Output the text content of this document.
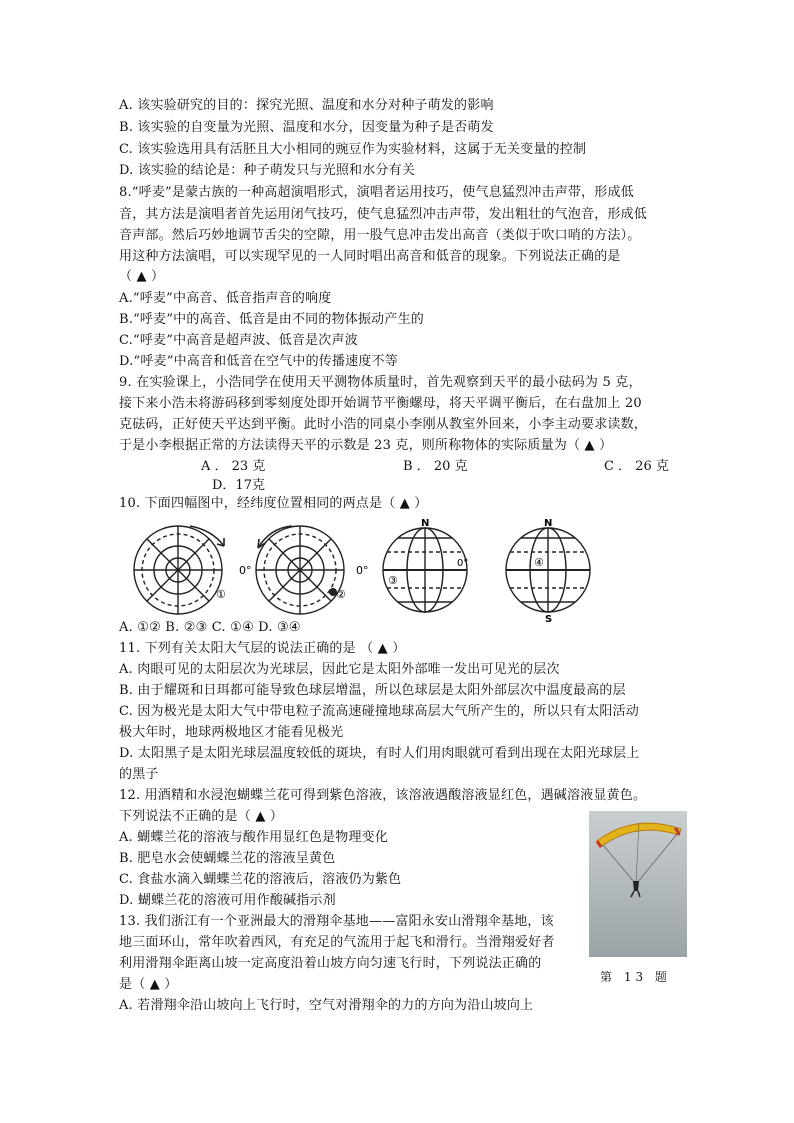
A. 该实验研究的目的：探究光照、温度和水分对种子萌发的影响
B. 该实验的自变量为光照、温度和水分，因变量为种子是否萌发
C. 该实验选用具有活胚且大小相同的豌豆作为实验材料，这属于无关变量的控制
D. 该实验的结论是：种子萌发只与光照和水分有关
8.“呼麦”是蒙古族的一种高超演唱形式，演唱者运用技巧，使气息猛烈冲击声带，形成低
音，其方法是演唱者首先运用闭气技巧，使气息猛烈冲击声带，发出粗壮的气泡音，形成低
音声部。然后巧妙地调节舌尖的空隙，用一股气息冲击发出高音（类似于吹口哨的方法）。
用这种方法演唱，可以实现罕见的一人同时唱出高音和低音的现象。下列说法正确的是
（ ▲ ）
A.“呼麦”中高音、低音指声音的响度
B.“呼麦”中的高音、低音是由不同的物体振动产生的
C.“呼麦”中高音是超声波、低音是次声波
D.“呼麦”中高音和低音在空气中的传播速度不等
9. 在实验课上，小浩同学在使用天平测物体质量时，首先观察到天平的最小砝码为 5 克，
接下来小浩未将游码移到零刻度处即开始调节平衡螺母，将天平调平衡后，在右盘加上 20
克砝码，正好使天平达到平衡。此时小浩的同桌小李刚从教室外回来，小李主动要求读数，
于是小李根据正常的方法读得天平的示数是 23 克，则所称物体的实际质量为（ ▲ ）
A ． 23 克	B ． 20 克	C ． 26 克
D．17克
10. 下面四幅图中，经纬度位置相同的两点是（ ▲ ）
①
0°
②
0°
N
③
0°
N
S
④
A. ①② B. ②③ C. ①④ D. ③④
11. 下列有关太阳大气层的说法正确的是 （ ▲ ）
A. 肉眼可见的太阳层次为光球层，因此它是太阳外部唯一发出可见光的层次
B. 由于耀斑和日珥都可能导致色球层增温，所以色球层是太阳外部层次中温度最高的层
C. 因为极光是太阳大气中带电粒子流高速碰撞地球高层大气所产生的，所以只有太阳活动
极大年时，地球两极地区才能看见极光
D. 太阳黑子是太阳光球层温度较低的斑块，有时人们用肉眼就可看到出现在太阳光球层上
的黑子
12. 用酒精和水浸泡蝴蝶兰花可得到紫色溶液，该溶液遇酸溶液显红色，遇碱溶液显黄色。
下列说法不正确的是（ ▲ ）
A. 蝴蝶兰花的溶液与酸作用显红色是物理变化
B. 肥皂水会使蝴蝶兰花的溶液呈黄色
C. 食盐水滴入蝴蝶兰花的溶液后，溶液仍为紫色
D. 蝴蝶兰花的溶液可用作酸碱指示剂
13. 我们浙江有一个亚洲最大的滑翔伞基地——富阳永安山滑翔伞基地，该
地三面环山，常年吹着西风，有充足的气流用于起飞和滑行。当滑翔爱好者
利用滑翔伞距离山坡一定高度沿着山坡方向匀速飞行时，下列说法正确的
是（ ▲ ）
A. 若滑翔伞沿山坡向上飞行时，空气对滑翔伞的力的方向为沿山坡向上
第 13 题
